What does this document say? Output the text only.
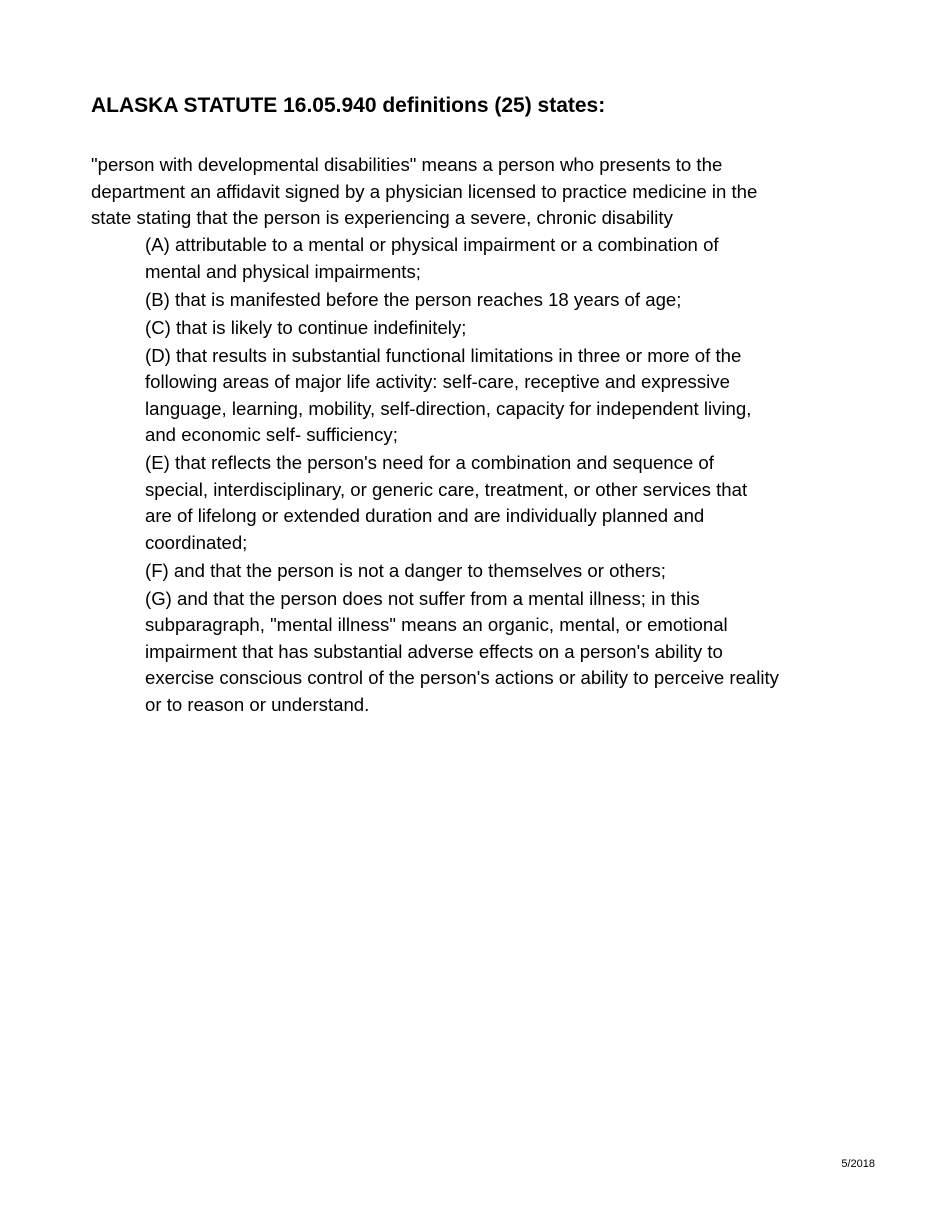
ALASKA STATUTE 16.05.940 definitions (25) states:

"person with developmental disabilities" means a person who presents to the
department an affidavit signed by a physician licensed to practice medicine in the
state stating that the person is experiencing a severe, chronic disability

(A) attributable to a mental or physical impairment or a combination of
mental and physical impairments;
(B) that is manifested before the person reaches 18 years of age;
(C) that is likely to continue indefinitely;
(D) that results in substantial functional limitations in three or more of the
following areas of major life activity: self-care, receptive and expressive
language, learning, mobility, self-direction, capacity for independent living,
and economic self- sufficiency;
(E) that reflects the person's need for a combination and sequence of
special, interdisciplinary, or generic care, treatment, or other services that
are of lifelong or extended duration and are individually planned and
coordinated;
(F) and that the person is not a danger to themselves or others;
(G) and that the person does not suffer from a mental illness; in this
subparagraph, "mental illness" means an organic, mental, or emotional
impairment that has substantial adverse effects on a person's ability to
exercise conscious control of the person's actions or ability to perceive reality
or to reason or understand.
5/2018
